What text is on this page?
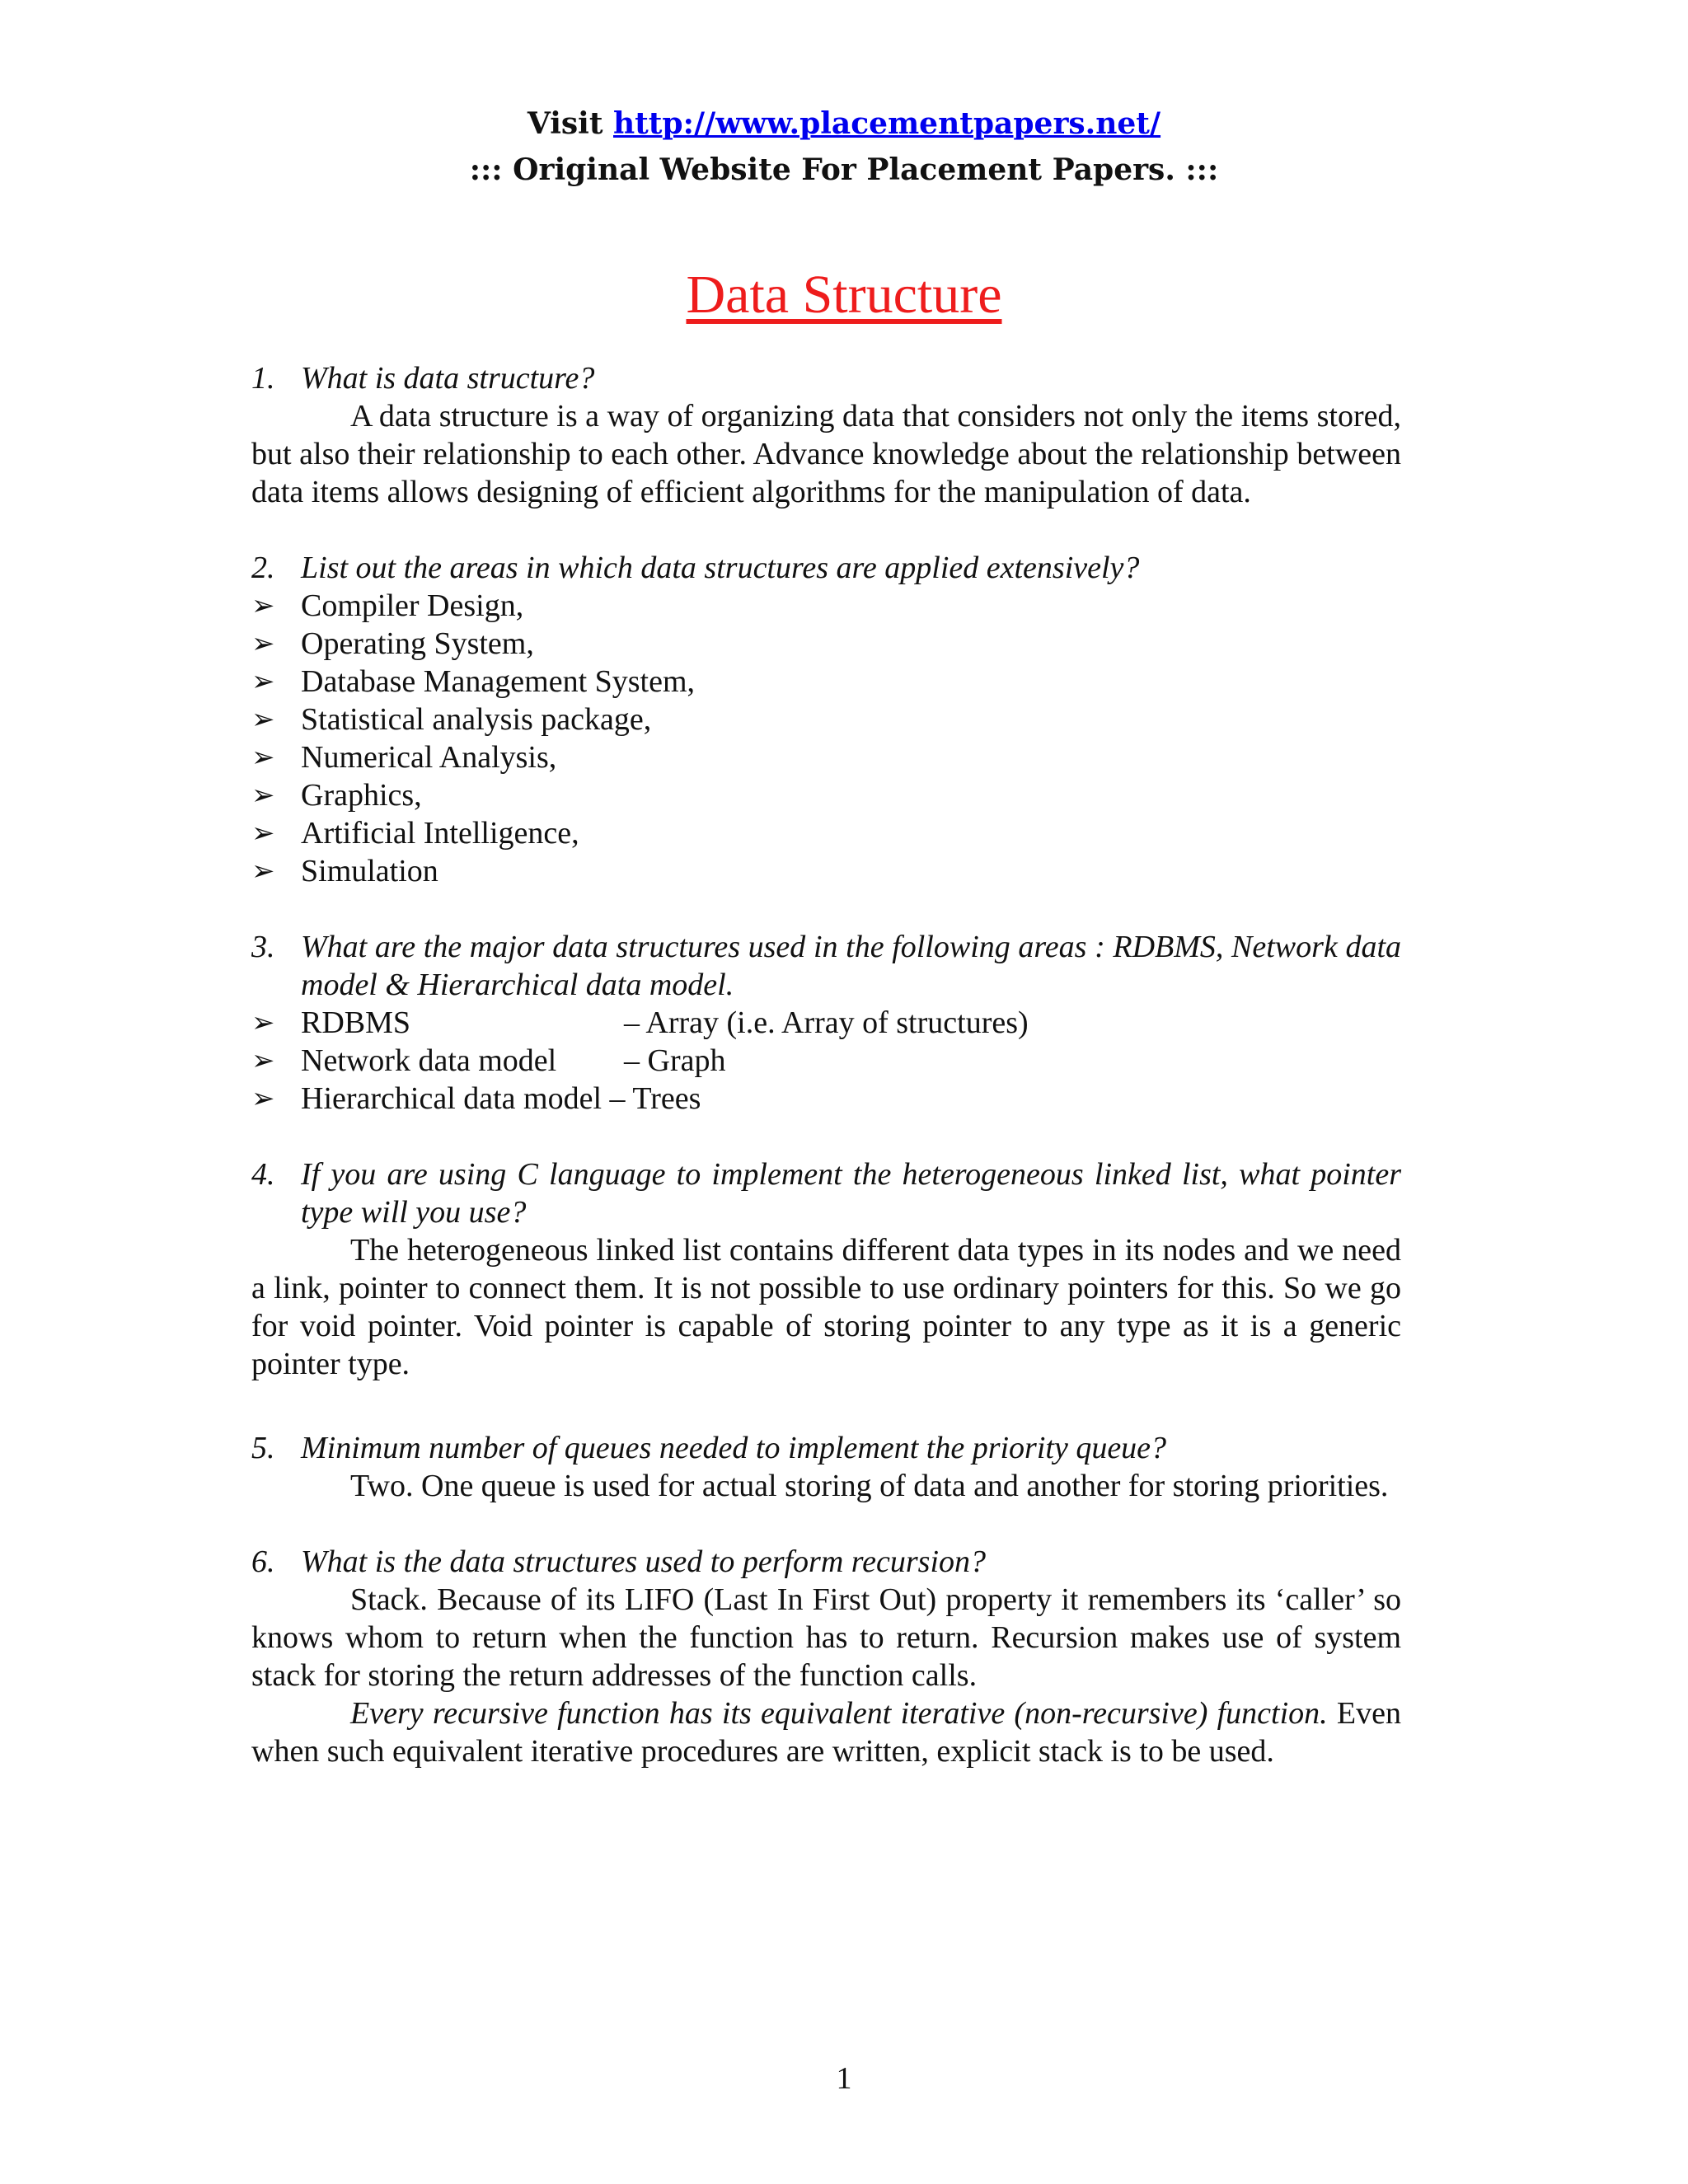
Visit http://www.placementpapers.net/
::: Original Website For Placement Papers. :::
Data Structure
1. What is data structure?
A data structure is a way of organizing data that considers not only the items stored, but also their relationship to each other. Advance knowledge about the relationship between data items allows designing of efficient algorithms for the manipulation of data.
2. List out the areas in which data structures are applied extensively?
➢ Compiler Design,
➢ Operating System,
➢ Database Management System,
➢ Statistical analysis package,
➢ Numerical Analysis,
➢ Graphics,
➢ Artificial Intelligence,
➢ Simulation
3. What are the major data structures used in the following areas : RDBMS, Network data model & Hierarchical data model.
➢ RDBMS	– Array (i.e. Array of structures)
➢ Network data model – Graph
➢ Hierarchical data model – Trees
4. If you are using C language to implement the heterogeneous linked list, what pointer type will you use?
The heterogeneous linked list contains different data types in its nodes and we need a link, pointer to connect them. It is not possible to use ordinary pointers for this. So we go for void pointer. Void pointer is capable of storing pointer to any type as it is a generic pointer type.
5. Minimum number of queues needed to implement the priority queue?
Two. One queue is used for actual storing of data and another for storing priorities.
6. What is the data structures used to perform recursion?
Stack. Because of its LIFO (Last In First Out) property it remembers its ‘caller’ so knows whom to return when the function has to return. Recursion makes use of system stack for storing the return addresses of the function calls.
Every recursive function has its equivalent iterative (non-recursive) function. Even when such equivalent iterative procedures are written, explicit stack is to be used.
1
